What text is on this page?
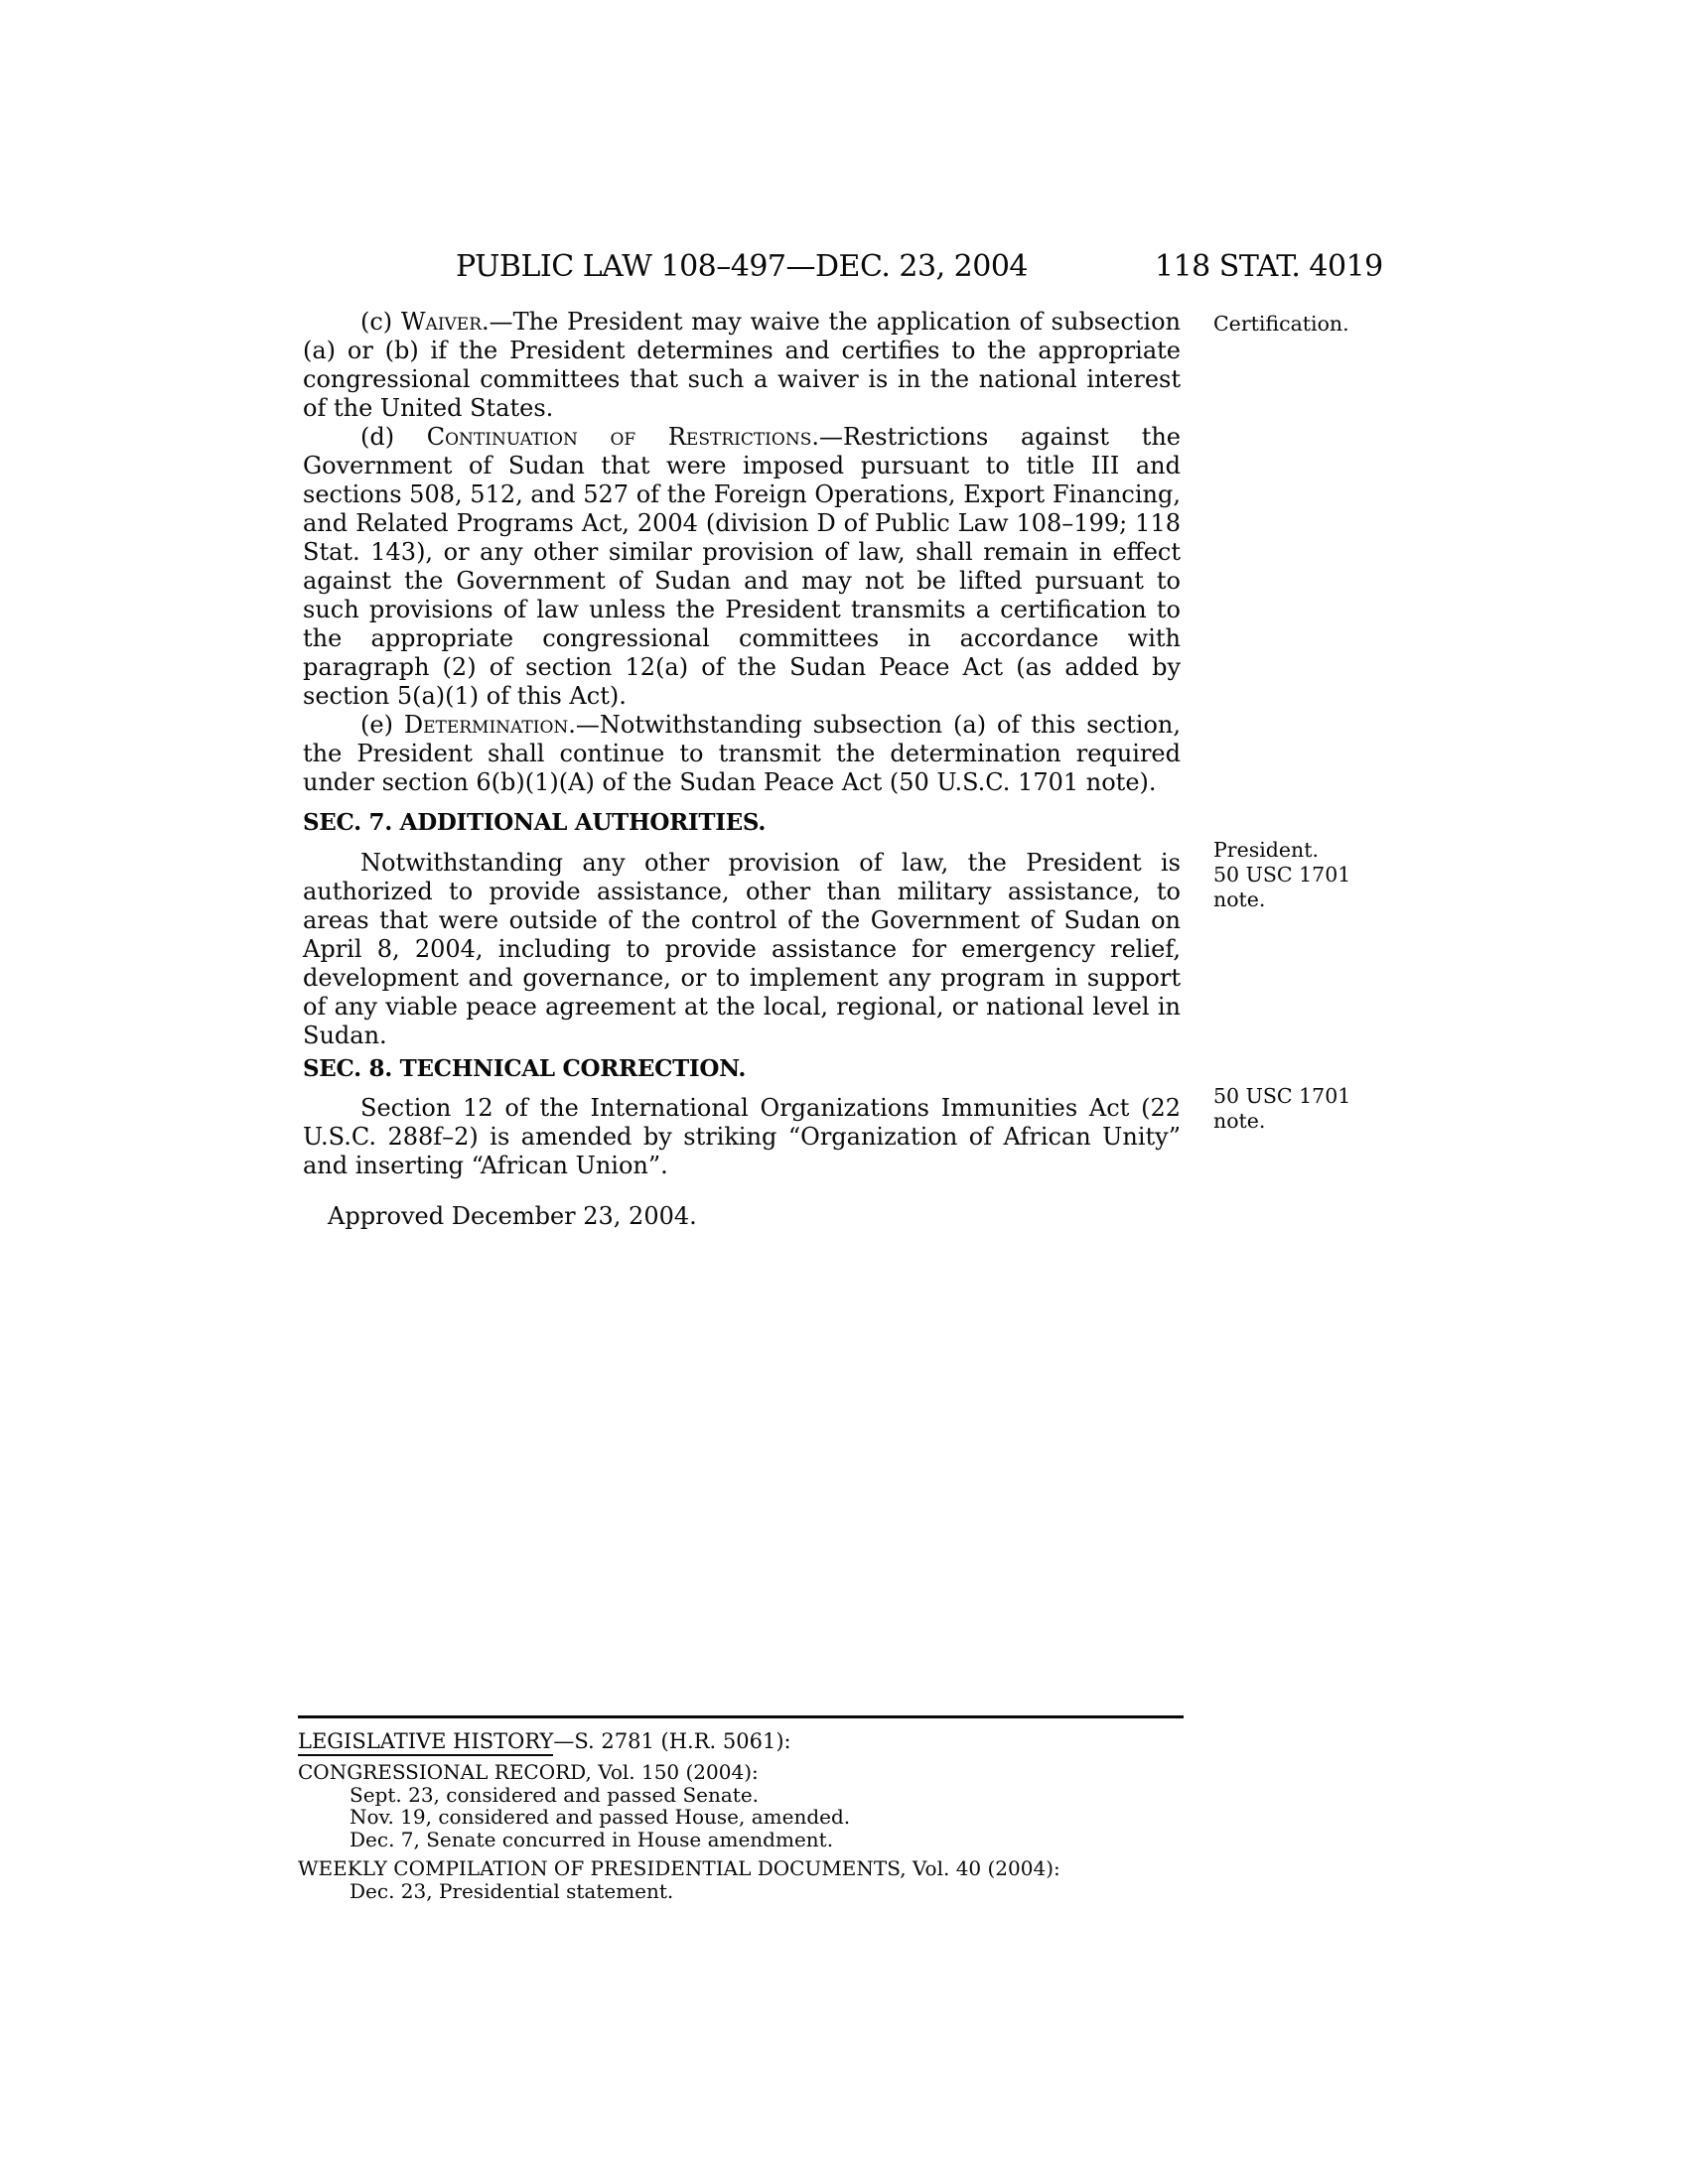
PUBLIC LAW 108–497—DEC. 23, 2004	118 STAT. 4019

(c) Waiver.—The President may waive the application of subsection (a) or (b) if the President determines and certifies to the appropriate congressional committees that such a waiver is in the national interest of the United States.

(d) Continuation of Restrictions.—Restrictions against the Government of Sudan that were imposed pursuant to title III and sections 508, 512, and 527 of the Foreign Operations, Export Financing, and Related Programs Act, 2004 (division D of Public Law 108–199; 118 Stat. 143), or any other similar provision of law, shall remain in effect against the Government of Sudan and may not be lifted pursuant to such provisions of law unless the President transmits a certification to the appropriate congressional committees in accordance with paragraph (2) of section 12(a) of the Sudan Peace Act (as added by section 5(a)(1) of this Act).

(e) Determination.—Notwithstanding subsection (a) of this section, the President shall continue to transmit the determination required under section 6(b)(1)(A) of the Sudan Peace Act (50 U.S.C. 1701 note).

SEC. 7. ADDITIONAL AUTHORITIES.

Notwithstanding any other provision of law, the President is authorized to provide assistance, other than military assistance, to areas that were outside of the control of the Government of Sudan on April 8, 2004, including to provide assistance for emergency relief, development and governance, or to implement any program in support of any viable peace agreement at the local, regional, or national level in Sudan.

SEC. 8. TECHNICAL CORRECTION.

Section 12 of the International Organizations Immunities Act (22 U.S.C. 288f–2) is amended by striking “Organization of African Unity” and inserting “African Union”.

Approved December 23, 2004.

Certification.
President.
50 USC 1701
note.
50 USC 1701
note.
LEGISLATIVE HISTORY—S. 2781 (H.R. 5061):
CONGRESSIONAL RECORD, Vol. 150 (2004):
Sept. 23, considered and passed Senate.
Nov. 19, considered and passed House, amended.
Dec. 7, Senate concurred in House amendment.
WEEKLY COMPILATION OF PRESIDENTIAL DOCUMENTS, Vol. 40 (2004):
Dec. 23, Presidential statement.
